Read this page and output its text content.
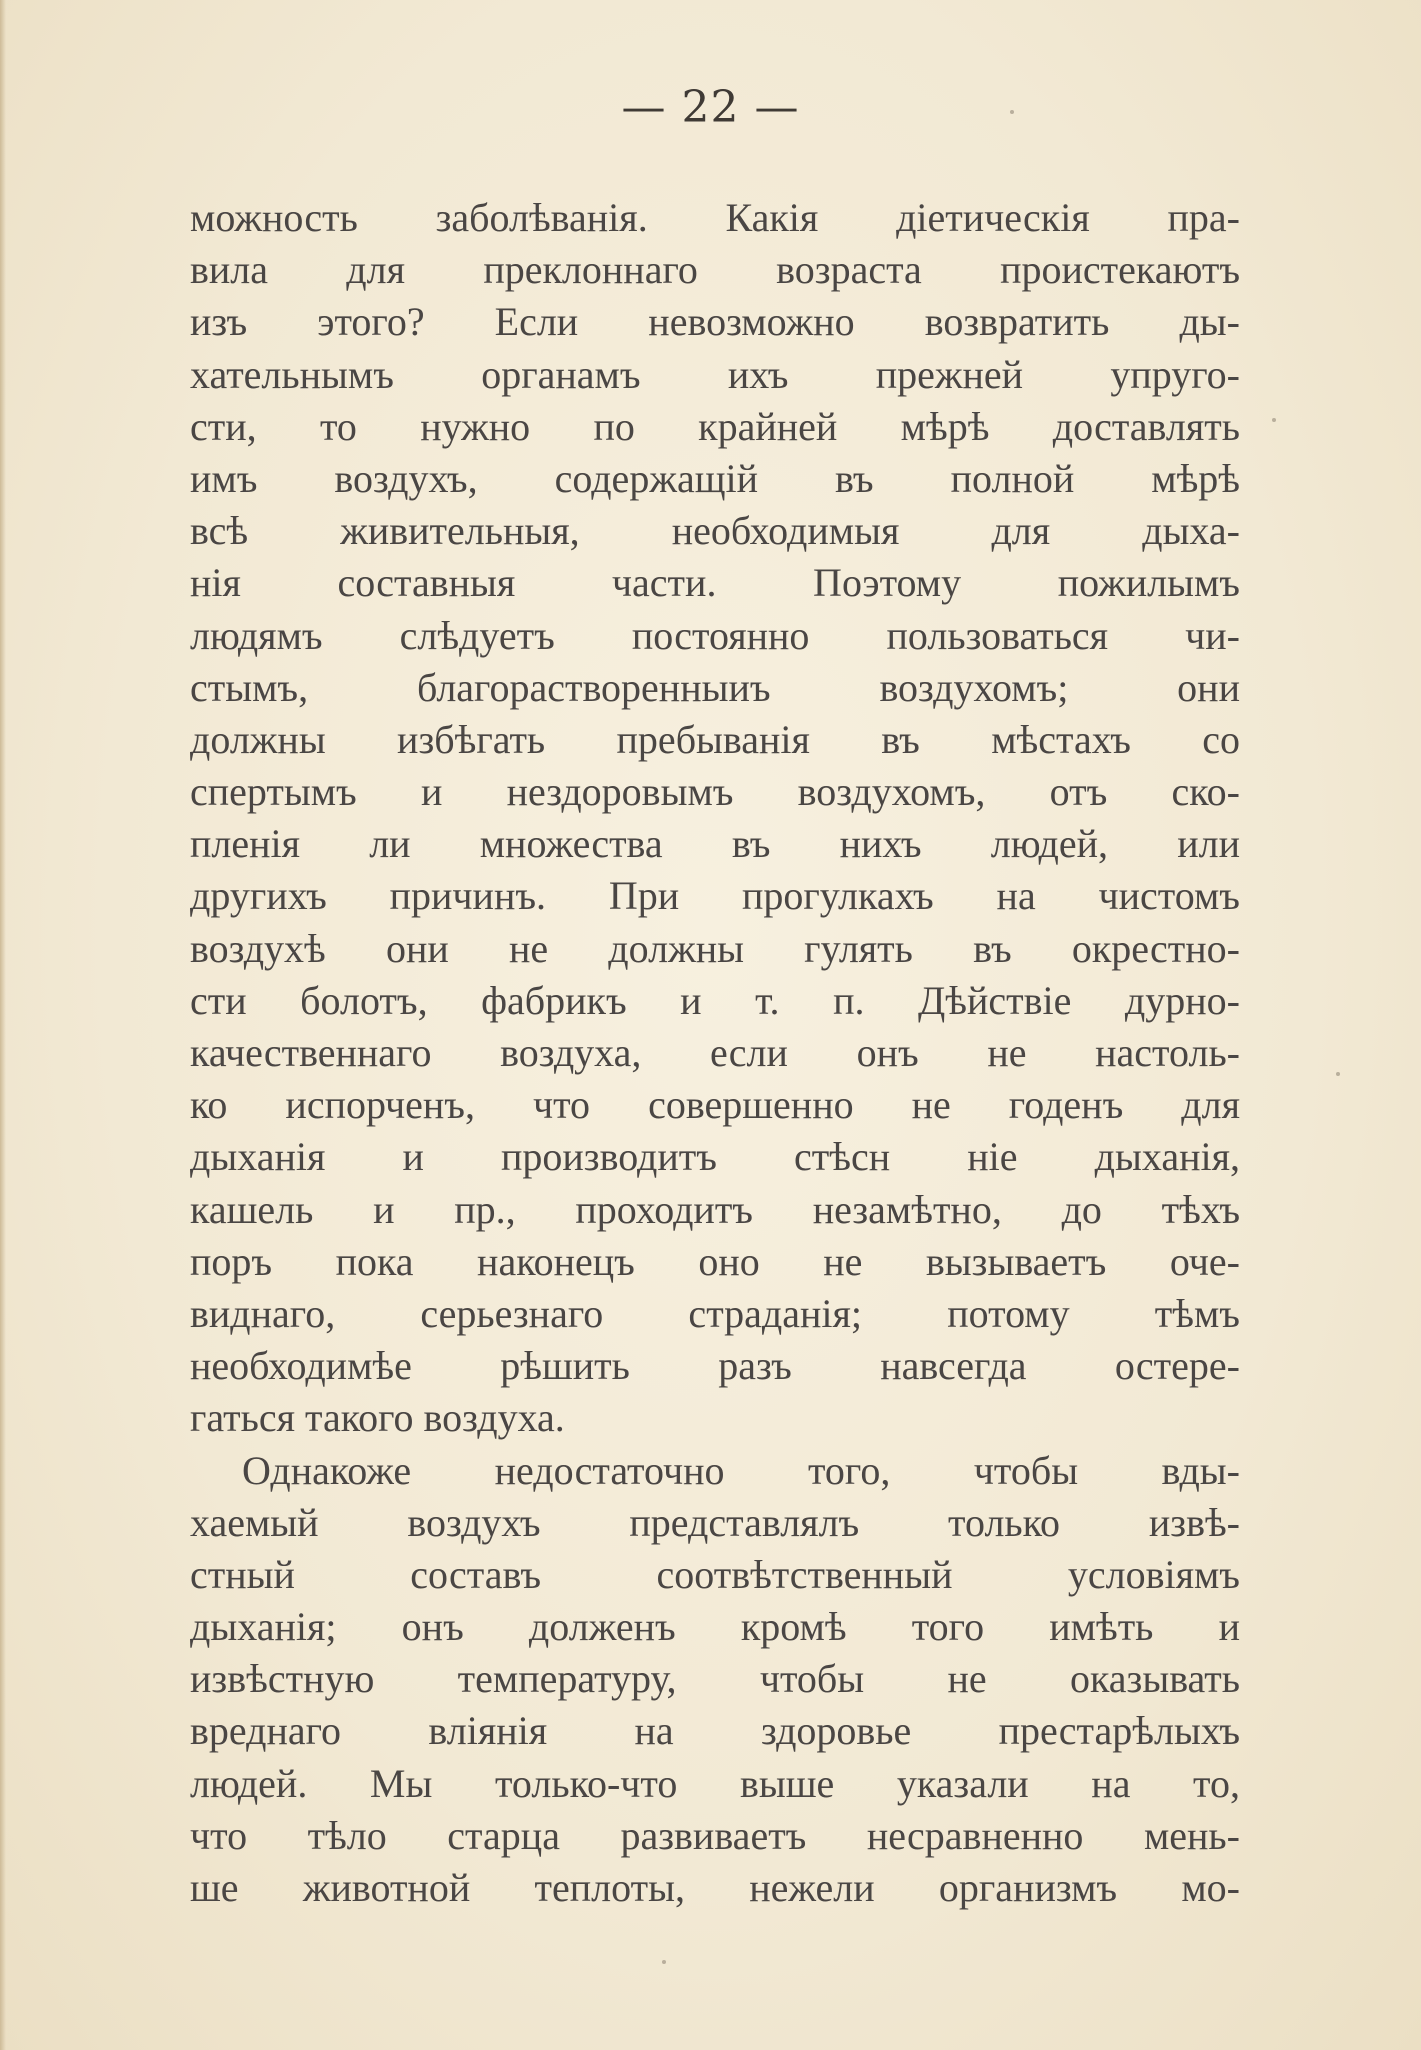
— 22 —
можность заболѣванія. Какія діетическія пра-
вила для преклоннаго возраста проистекаютъ
изъ этого? Если невозможно возвратить ды-
хательнымъ органамъ ихъ прежней упруго-
сти, то нужно по крайней мѣрѣ доставлять
имъ воздухъ, содержащій въ полной мѣрѣ
всѣ живительныя, необходимыя для дыха-
нія составныя части. Поэтому пожилымъ
людямъ слѣдуетъ постоянно пользоваться чи-
стымъ, благорастворенныиъ воздухомъ; они
должны избѣгать пребыванія въ мѣстахъ со
спертымъ и нездоровымъ воздухомъ, отъ ско-
пленія ли множества въ нихъ людей, или
другихъ причинъ. При прогулкахъ на чистомъ
воздухѣ они не должны гулять въ окрестно-
сти болотъ, фабрикъ и т. п. Дѣйствіе дурно-
качественнаго воздуха, если онъ не настоль-
ко испорченъ, что совершенно не годенъ для
дыханія и производитъ стѣсн ніе дыханія,
кашель и пр., проходитъ незамѣтно, до тѣхъ
поръ пока наконецъ оно не вызываетъ оче-
виднаго, серьезнаго страданія; потому тѣмъ
необходимѣе рѣшить разъ навсегда остере-
гаться такого воздуха.
Однакоже недостаточно того, чтобы вды-
хаемый воздухъ представлялъ только извѣ-
стный составъ соотвѣтственный условіямъ
дыханія; онъ долженъ кромѣ того имѣть и
извѣстную температуру, чтобы не оказывать
вреднаго вліянія на здоровье престарѣлыхъ
людей. Мы только-что выше указали на то,
что тѣло старца развиваетъ несравненно мень-
ше животной теплоты, нежели организмъ мо-
